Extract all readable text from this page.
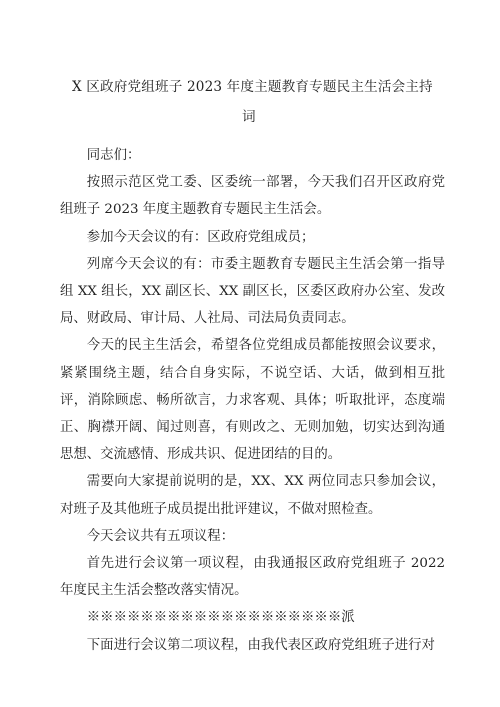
X 区政府党组班子 2023 年度主题教育专题民主生活会主持
词

同志们：

按照示范区党工委、区委统一部署，今天我们召开区政府党组班子 2023 年度主题教育专题民主生活会。

参加今天会议的有：区政府党组成员；

列席今天会议的有：市委主题教育专题民主生活会第一指导组 XX 组长，XX 副区长、XX 副区长，区委区政府办公室、发改局、财政局、审计局、人社局、司法局负责同志。

今天的民主生活会，希望各位党组成员都能按照会议要求，紧紧围绕主题，结合自身实际，不说空话、大话，做到相互批评，消除顾虑、畅所欲言，力求客观、具体；听取批评，态度端正、胸襟开阔、闻过则喜，有则改之、无则加勉，切实达到沟通思想、交流感情、形成共识、促进团结的目的。

需要向大家提前说明的是，XX、XX 两位同志只参加会议，对班子及其他班子成员提出批评建议，不做对照检查。

今天会议共有五项议程：

首先进行会议第一项议程，由我通报区政府党组班子 2022 年度民主生活会整改落实情况。

※※※※※※※※※※※※※※※※※※※派

下面进行会议第二项议程，由我代表区政府党组班子进行对
